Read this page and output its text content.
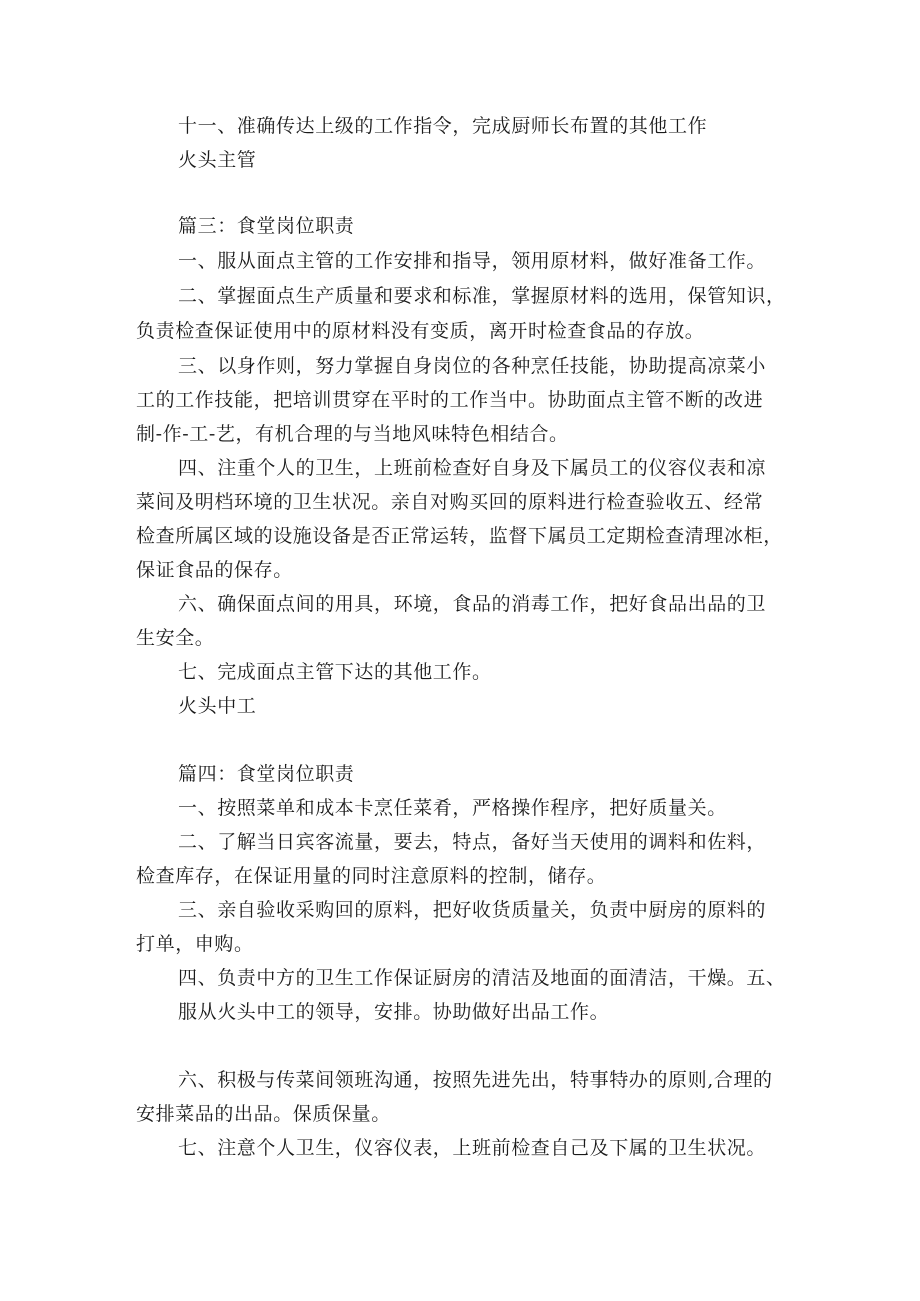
十一、准确传达上级的工作指令，完成厨师长布置的其他工作

火头主管

篇三：食堂岗位职责

一、服从面点主管的工作安排和指导，领用原材料，做好准备工作。

二、掌握面点生产质量和要求和标准，掌握原材料的选用，保管知识，

负责检查保证使用中的原材料没有变质，离开时检查食品的存放。

三、以身作则，努力掌握自身岗位的各种烹任技能，协助提高凉菜小

工的工作技能，把培训贯穿在平时的工作当中。协助面点主管不断的改进

制-作-工-艺，有机合理的与当地风味特色相结合。

四、注重个人的卫生，上班前检查好自身及下属员工的仪容仪表和凉

菜间及明档环境的卫生状况。亲自对购买回的原料进行检查验收五、经常

检查所属区域的设施设备是否正常运转，监督下属员工定期检查清理冰柜，

保证食品的保存。

六、确保面点间的用具，环境，食品的消毒工作，把好食品出品的卫

生安全。

七、完成面点主管下达的其他工作。

火头中工

篇四：食堂岗位职责

一、按照菜单和成本卡烹任菜肴，严格操作程序，把好质量关。

二、了解当日宾客流量，要去，特点，备好当天使用的调料和佐料，

检查库存，在保证用量的同时注意原料的控制，储存。

三、亲自验收采购回的原料，把好收货质量关，负责中厨房的原料的

打单，申购。

四、负责中方的卫生工作保证厨房的清洁及地面的面清洁，干燥。五、

服从火头中工的领导，安排。协助做好出品工作。

六、积极与传菜间领班沟通，按照先进先出，特事特办的原则,合理的

安排菜品的出品。保质保量。

七、注意个人卫生，仪容仪表，上班前检查自己及下属的卫生状况。
